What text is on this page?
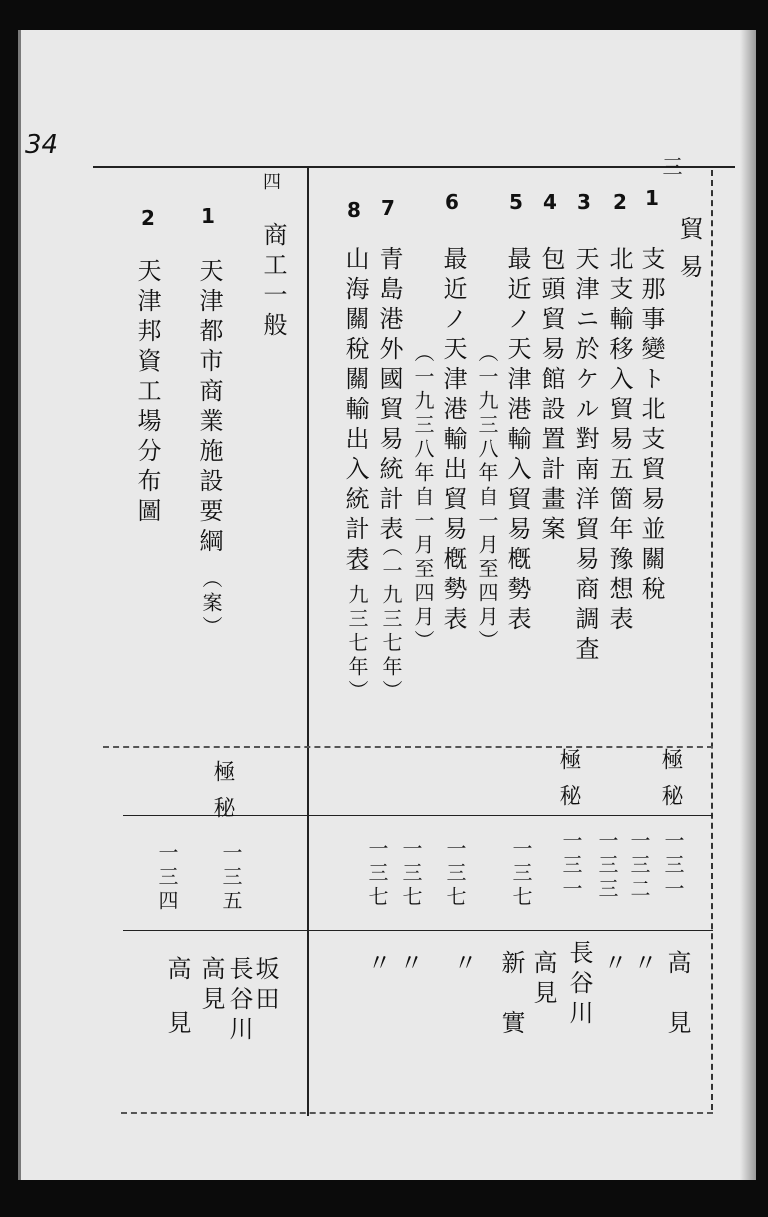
34
三
貿易
1
2
3
4
5
6
7
8
支那事變ト北支貿易並關稅
北支輸移入貿易五箇年豫想表
天津ニ於ケル對南洋貿易商調査
包頭貿易館設置計畫案
最近ノ天津港輸入貿易槪勢表
（一九三八年自一月至四月）
最近ノ天津港輸出貿易槪勢表
（一九三八年自一月至四月）
青島港外國貿易統計表
（一九三七年）
山海關稅關輸出入統計表
（一九三七年）
極秘
極秘
一三一
一三二
一三三
一三一
一三七
一三七
一三七
一三七
高　見
〃
〃
長谷川
高見
新　實
〃
〃
〃
四
商工一般
1
2
天津都市商業施設要綱
（案）
天津邦資工場分布圖
極秘
一三五
一三四
坂田
長谷川
高見
高見
